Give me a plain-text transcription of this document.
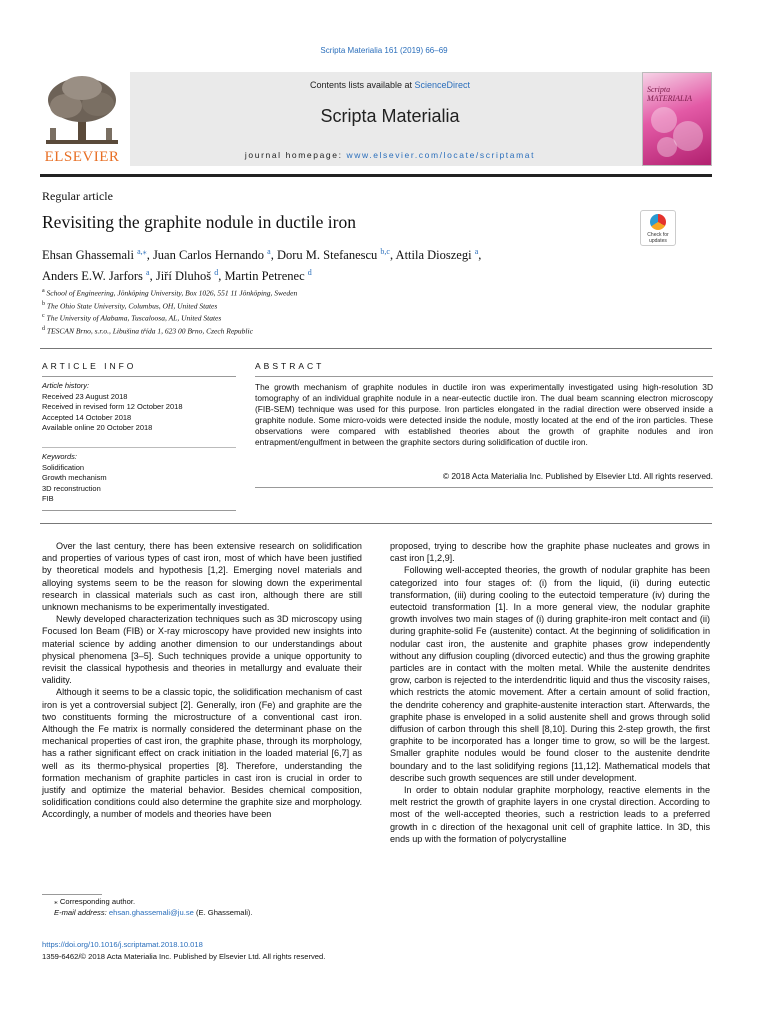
Scripta Materialia 161 (2019) 66–69
ELSEVIER
Contents lists available at ScienceDirect
Scripta Materialia
journal homepage: www.elsevier.com/locate/scriptamat
Scripta MATERIALIA
Regular article
Revisiting the graphite nodule in ductile iron
Check for updates
Ehsan Ghassemali $^{a,⁎}$, Juan Carlos Hernando $^a$, Doru M. Stefanescu $^{b,c}$, Attila Dioszegi $^a$,
Anders E.W. Jarfors $^a$, Jiří Dluhoš $^d$, Martin Petrenec $^d$
$^a$ School of Engineering, Jönköping University, Box 1026, 551 11 Jönköping, Sweden
$^b$ The Ohio State University, Columbus, OH, United States
$^c$ The University of Alabama, Tuscaloosa, AL, United States
$^d$ TESCAN Brno, s.r.o., Libušina třída 1, 623 00 Brno, Czech Republic
ARTICLE INFO	ABSTRACT
Article history:
Received 23 August 2018
Received in revised form 12 October 2018
Accepted 14 October 2018
Available online 20 October 2018
Keywords:
Solidification
Growth mechanism
3D reconstruction
FIB
The growth mechanism of graphite nodules in ductile iron was experimentally investigated using high-resolution 3D tomography of an individual graphite nodule in a near-eutectic ductile iron. The dual beam scanning electron microscopy (FIB-SEM) technique was used for this purpose. Iron particles elongated in the radial direction were observed inside a graphite nodule. Some micro-voids were detected inside the nodule, mostly located at the end of the iron particles. These observations were compared with established theories about the growth of graphite nodules and iron entrapment/engulfment in between the graphite sectors during solidification of ductile iron.
© 2018 Acta Materialia Inc. Published by Elsevier Ltd. All rights reserved.

Over the last century, there has been extensive research on solidification and properties of various types of cast iron, most of which have been justified by theoretical models and hypothesis [1,2]. Emerging novel materials and alloying systems seem to be the reason for slowing down the experimental research in classical materials such as cast iron, although there are still unknown mechanisms to be experimentally investigated.

Newly developed characterization techniques such as 3D microscopy using Focused Ion Beam (FIB) or X-ray microscopy have provided new insights into material science by adding another dimension to our understandings about physical phenomena [3–5]. Such techniques provide a unique opportunity to revisit the classical hypothesis and theories in metallurgy and evaluate their validity.

Although it seems to be a classic topic, the solidification mechanism of cast iron is yet a controversial subject [2]. Generally, iron (Fe) and graphite are the two constituents forming the microstructure of a conventional cast iron. Although the Fe matrix is normally considered the determinant phase on the mechanical properties of cast iron, the graphite phase, through its morphology, has a rather significant effect on crack initiation in the loaded material [6,7] as well as its thermo-physical properties [8]. Therefore, understanding the formation mechanism of graphite particles in cast iron is crucial in order to justify and optimize the material behavior. Besides chemical composition, solidification conditions could also determine the graphite size and morphology. Accordingly, a number of models and theories have been

proposed, trying to describe how the graphite phase nucleates and grows in cast iron [1,2,9].

Following well-accepted theories, the growth of nodular graphite has been categorized into four stages of: (i) from the liquid, (ii) during eutectic transformation, (iii) during cooling to the eutectoid temperature (iv) during the eutectoid transformation [1]. In a more general view, the nodular graphite growth involves two main stages of (i) during graphite-iron melt contact and (ii) during graphite-solid Fe (austenite) contact. At the beginning of solidification in nodular cast iron, the austenite and graphite phases grow independently without any diffusion coupling (divorced eutectic) and thus the growing graphite particles are in contact with the molten metal. While the austenite dendrites grow, carbon is rejected to the interdendritic liquid and thus the viscosity raises, which restricts the atomic movement. After a certain amount of solid fraction, the dendrite coherency and graphite-austenite interaction start. Afterwards, the graphite phase is enveloped in a solid austenite shell and grows through solid diffusion of carbon through this shell [8,10]. During this 2-step growth, the first graphite to be incorporated has a longer time to grow, so will be the largest. Smaller graphite nodules would be found closer to the austenite dendrite boundary and to the last solidifying regions [11,12]. Mathematical models that describe such growth sequences are still under development.

In order to obtain nodular graphite morphology, reactive elements in the melt restrict the growth of graphite layers in one crystal direction. According to most of the well-accepted theories, such a restriction leads to a preferred growth in c direction of the hexagonal unit cell of graphite lattice. In 3D, this ends up with the formation of polycrystalline

⁎ Corresponding author.
E-mail address: ehsan.ghassemali@ju.se (E. Ghassemali).
https://doi.org/10.1016/j.scriptamat.2018.10.018
1359-6462/© 2018 Acta Materialia Inc. Published by Elsevier Ltd. All rights reserved.
